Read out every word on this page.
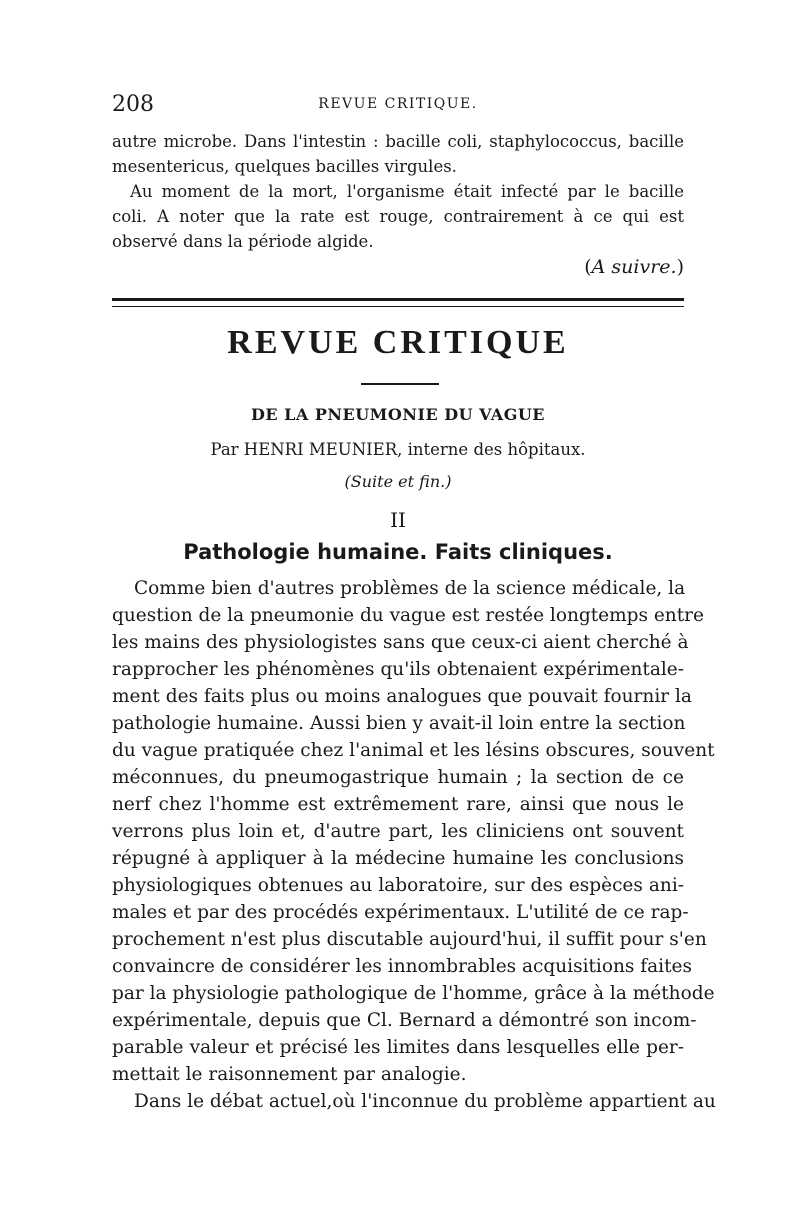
208	REVUE CRITIQUE.
autre microbe. Dans l'intestin : bacille coli, staphylococcus, bacille
mesentericus, quelques bacilles virgules.
Au moment de la mort, l'organisme était infecté par le bacille
coli. A noter que la rate est rouge, contrairement à ce qui est
observé dans la période algide.
(A suivre.)
REVUE CRITIQUE
DE LA PNEUMONIE DU VAGUE
Par HENRI MEUNIER, interne des hôpitaux.
(Suite et fin.)
II
Pathologie humaine. Faits cliniques.
Comme bien d'autres problèmes de la science médicale, la
question de la pneumonie du vague est restée longtemps entre
les mains des physiologistes sans que ceux-ci aient cherché à
rapprocher les phénomènes qu'ils obtenaient expérimentale-
ment des faits plus ou moins analogues que pouvait fournir la
pathologie humaine. Aussi bien y avait-il loin entre la section
du vague pratiquée chez l'animal et les lésins obscures, souvent
méconnues, du pneumogastrique humain ; la section de ce
nerf chez l'homme est extrêmement rare, ainsi que nous le
verrons plus loin et, d'autre part, les cliniciens ont souvent
répugné à appliquer à la médecine humaine les conclusions
physiologiques obtenues au laboratoire, sur des espèces ani-
males et par des procédés expérimentaux. L'utilité de ce rap-
prochement n'est plus discutable aujourd'hui, il suffit pour s'en
convaincre de considérer les innombrables acquisitions faites
par la physiologie pathologique de l'homme, grâce à la méthode
expérimentale, depuis que Cl. Bernard a démontré son incom-
parable valeur et précisé les limites dans lesquelles elle per-
mettait le raisonnement par analogie.
Dans le débat actuel,où l'inconnue du problème appartient au
